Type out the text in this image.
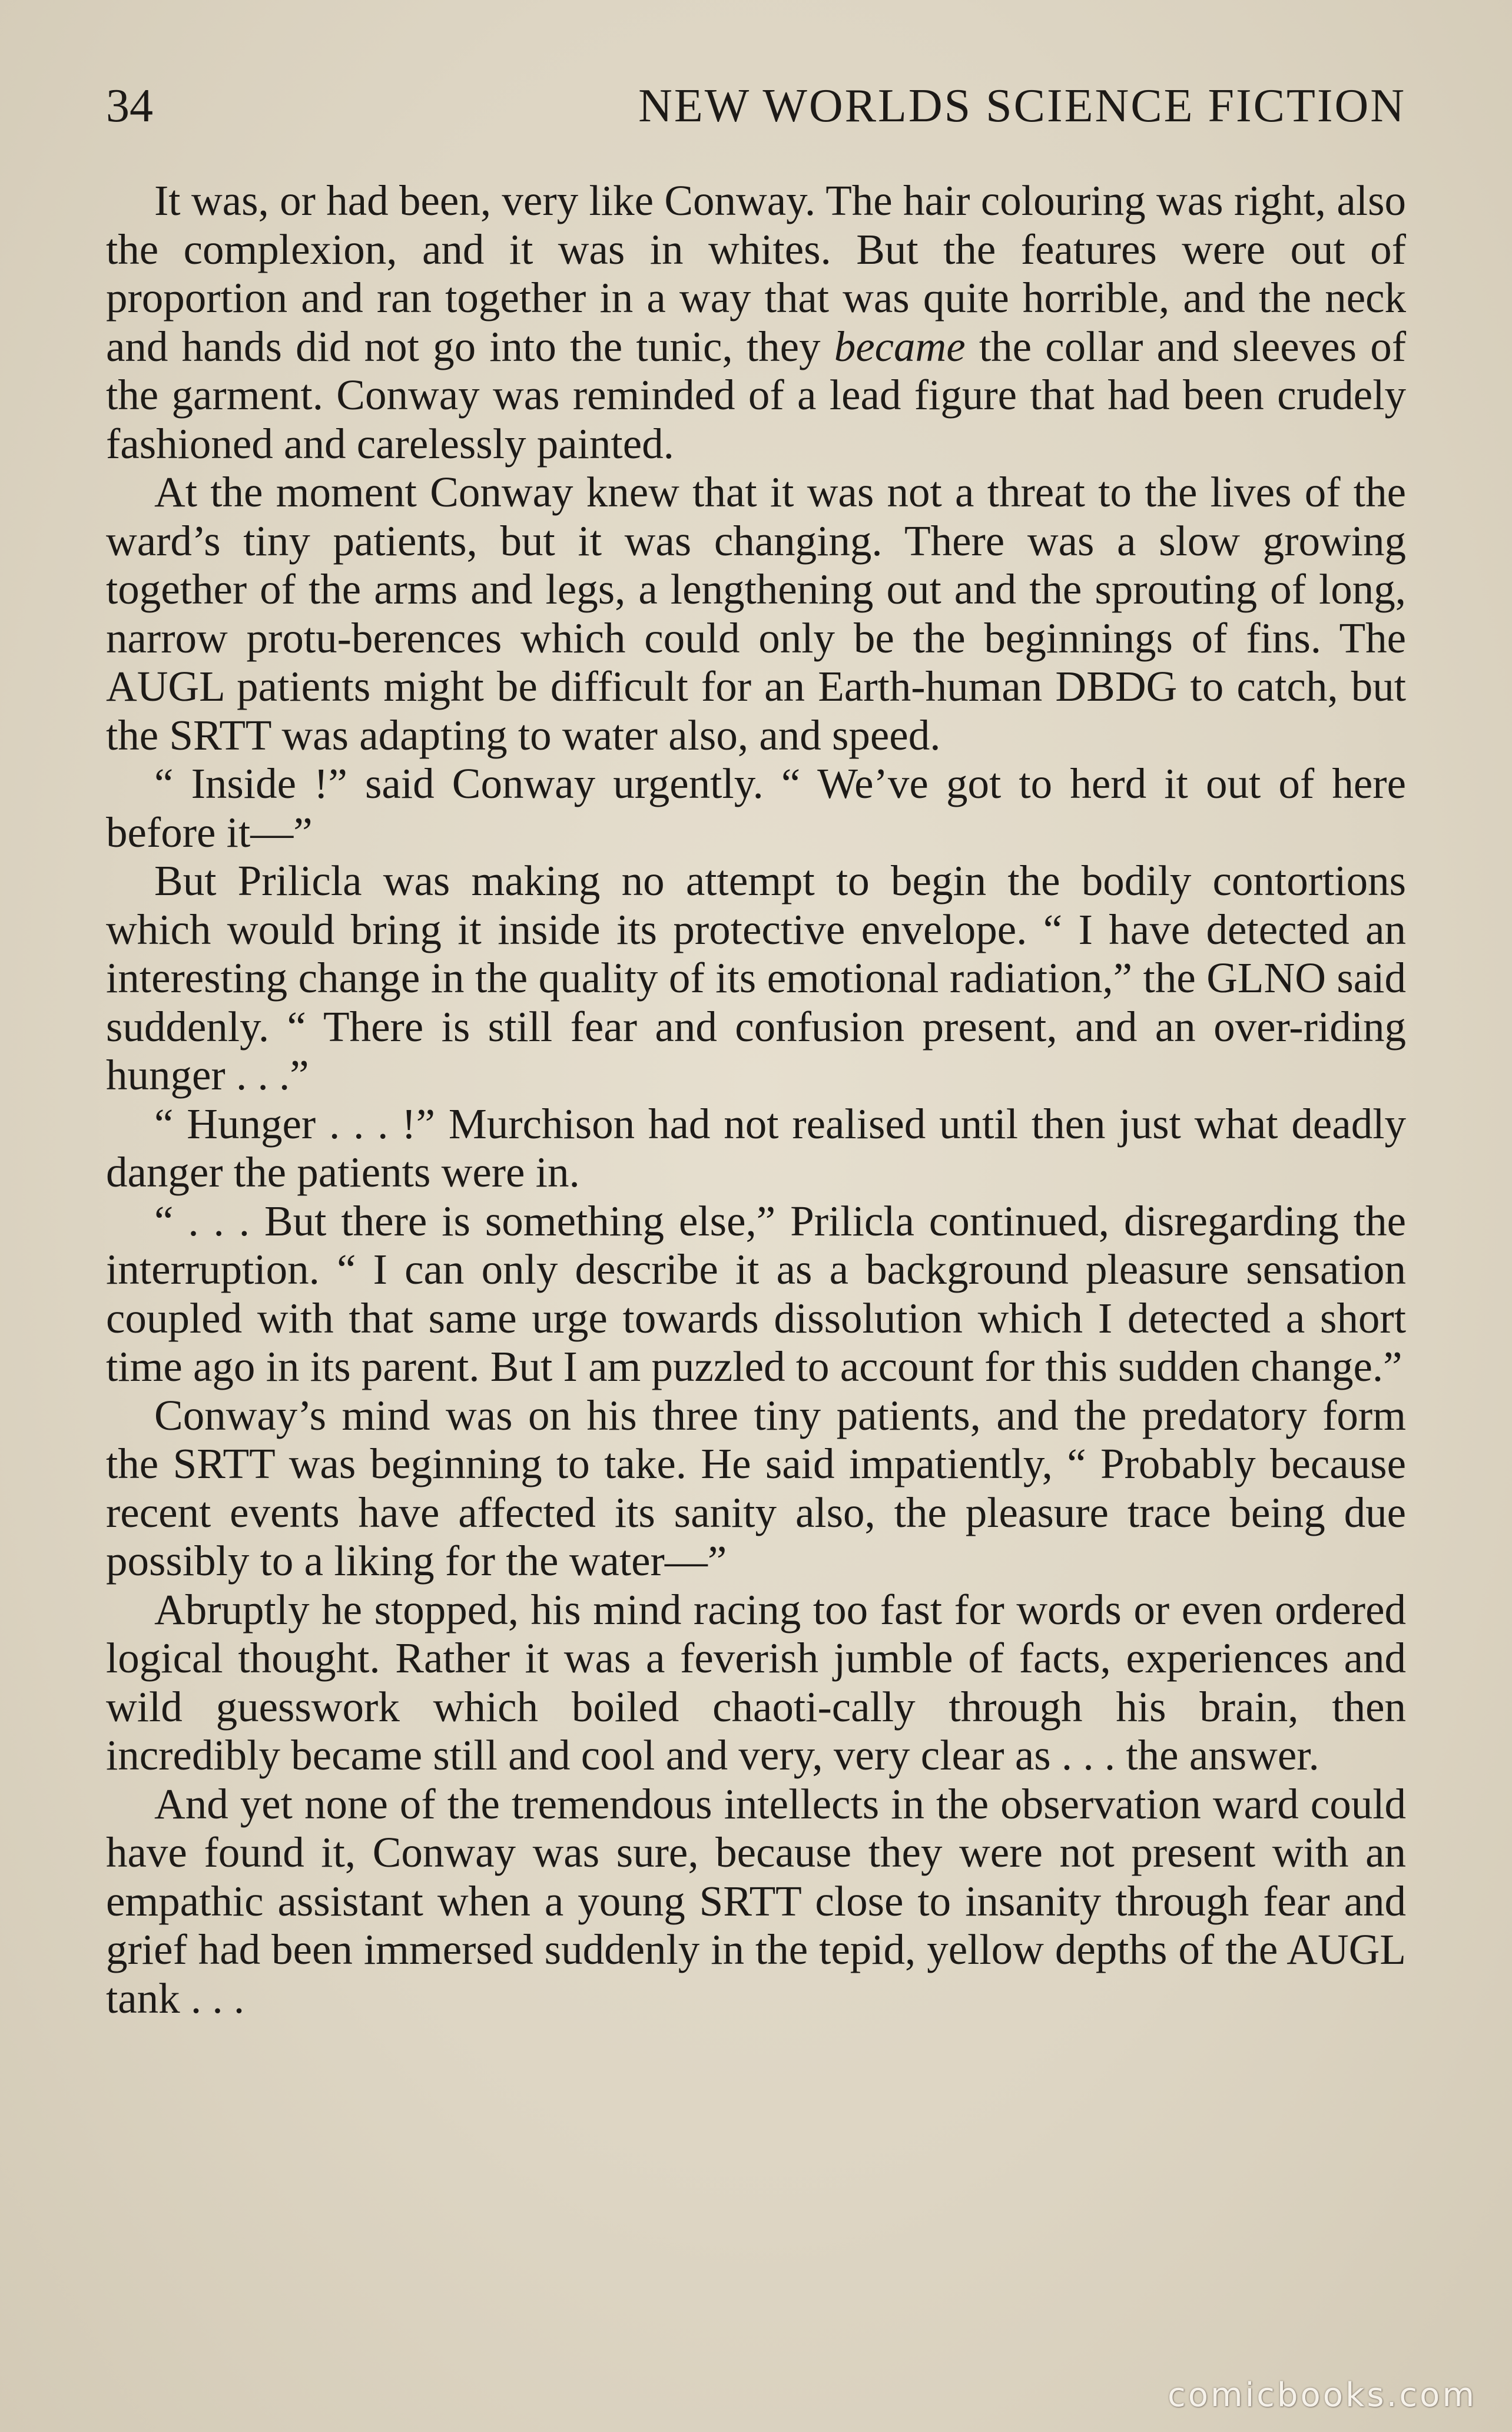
34	NEW WORLDS SCIENCE FICTION

It was, or had been, very like Conway. The hair colouring was right, also the complexion, and it was in whites. But the features were out of proportion and ran together in a way that was quite horrible, and the neck and hands did not go into the tunic, they became the collar and sleeves of the garment. Conway was reminded of a lead figure that had been crudely fashioned and carelessly painted.

At the moment Conway knew that it was not a threat to the lives of the ward’s tiny patients, but it was changing. There was a slow growing together of the arms and legs, a lengthening out and the sprouting of long, narrow protu-berences which could only be the beginnings of fins. The AUGL patients might be difficult for an Earth-human DBDG to catch, but the SRTT was adapting to water also, and speed.

“ Inside !” said Conway urgently. “ We’ve got to herd it out of here before it—”

But Prilicla was making no attempt to begin the bodily contortions which would bring it inside its protective envelope. “ I have detected an interesting change in the quality of its emotional radiation,” the GLNO said suddenly. “ There is still fear and confusion present, and an over-riding hunger . . .”

“ Hunger . . . !” Murchison had not realised until then just what deadly danger the patients were in.

“ . . . But there is something else,” Prilicla continued, disregarding the interruption. “ I can only describe it as a background pleasure sensation coupled with that same urge towards dissolution which I detected a short time ago in its parent. But I am puzzled to account for this sudden change.”

Conway’s mind was on his three tiny patients, and the predatory form the SRTT was beginning to take. He said impatiently, “ Probably because recent events have affected its sanity also, the pleasure trace being due possibly to a liking for the water—”

Abruptly he stopped, his mind racing too fast for words or even ordered logical thought. Rather it was a feverish jumble of facts, experiences and wild guesswork which boiled chaoti-cally through his brain, then incredibly became still and cool and very, very clear as . . . the answer.

And yet none of the tremendous intellects in the observation ward could have found it, Conway was sure, because they were not present with an empathic assistant when a young SRTT close to insanity through fear and grief had been immersed suddenly in the tepid, yellow depths of the AUGL tank . . .

comicbooks.com
